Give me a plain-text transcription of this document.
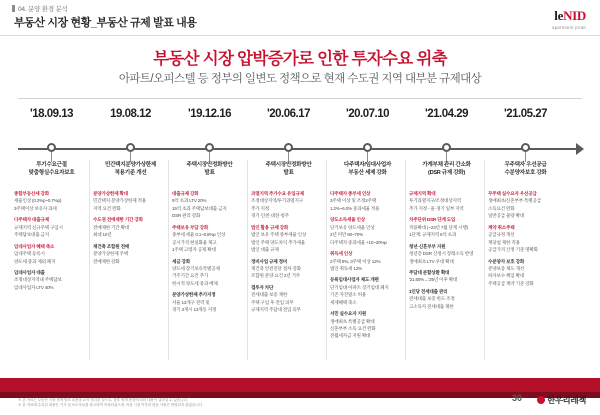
04. 분양 환경 분석
부동산 시장 현황_부동산 규제 발표 내용	leNID
apartment pride
부동산 시장 압박증가로 인한 투자수요 위축
아파트/오피스텔 등 정부의 일변도 정책으로 현재 수도권 지역 대부분 규제대상
'18.09.13
투기수요근절
맞춤형실수요자보호
종합부동산세 강화
세율인상 (0.2%p~0.7%p)
3주택이상 보유자 과세
다주택자 대출규제
규제지역 신규주택 구입시
주택담보대출 금지
임대사업자 혜택 축소
임대주택 등록시
양도세 중과 제외 폐지
임대사업자 대출
조정대상지역내 주택담보
임대사업자 LTV 40%
19.08.12
민간택지분양가상한제
적용기준 개선
분양가상한제 확대
민간택지 분양가상한제 적용
지역 요건 완화
수도권 전매제한 기간 강화
전매제한 기간 확대
최대 10년
재건축 조합원 전매
분양가상한제 주택
전매제한 강화
'19.12.16
주택시장안정화방안
발표
대출규제 강화
9억 초과 LTV 20%
15억 초과 주택담보대출 금지
DSR 관리 강화
주택보유 부담 강화
종부세 세율 0.1~0.8%p 인상
공시가격 현실화율 제고
1주택 고령자 공제 확대
세금 강화
양도세 장기보유특별공제
거주기간 요건 추가
한시적 양도세 중과 배제
분양가상한제 추가지정
서울 13개구 전역 및
경기 3개시 13개동 지정
'20.06.17
주택시장안정화방안
발표
과열지역 추가수요 유입규제
조정대상지역/투기과열지구
추가 지정
경기·인천·대전·청주
법인 활용 규제 강화
법인 보유 주택 종부세율 인상
법인 주택 양도차익 추가세율
법인 대출 규제
정비사업 규제 정비
재건축 안전진단 절차 강화
조합원 분양 요건 2년 거주
갭투자 차단
전세대출 보증 제한
주택 구입 후 전입 의무
규제지역 주담대 전입 의무
'20.07.10
다주택자/임대사업자
부동산 세제 강화
다주택자 종부세 인상
3주택 이상 및 조정2주택
1.2%~6.0% 중과세율 적용
양도소득세율 인상
단기보유 양도세율 인상
2년 미만 60~70%
다주택자 중과세율 +10~20%p
취득세 인상
2주택 8%, 3주택 이상 12%
법인 취득세 12%
등록임대사업자 제도 개편
단기임대·아파트 장기임대 폐지
기존 자진말소 허용
세제혜택 축소
서민 실수요자 지원
생애최초 특별공급 확대
신혼부부 소득 요건 완화
전월세자금 지원 확대
'21.04.29
가계부채 관리 간소화
(DSR 규제 강화)
규제지역 확대
투기과열지구/조정대상지역
추가 지정 - 울·경기 일부 지역
차주단위 DSR 단계 도입
적용확대 (~23년 7월 단계 시행)
1단계: 규제지역 6억 초과
청년·신혼부부 지원
청년층 DSR 산정시 장래소득 반영
생애최초 LTV 우대 확대
주담대 분할상환 확대
'21.60%→'25년 이후 확대
1인당 전세대출 관리
전세대출 보증 한도 조정
고소득자 전세대출 제한
'21.05.27
무주택자 우선공급
수분양자보호 강화
무주택 실수요자 우선공급
생애최초/신혼부부 특별공급
소득요건 완화
일반공급 물량 확대
계약 취소주택
공급규정 개선
재당첨 제한 적용
공급가격 산정 기준 명확화
수분양자 보호 강화
분양보증 제도 개선
하자보수 책임 확대
주택공급 계약 기준 강화
※ 본 자료는 부동산 시장 정책 발표 내용을 요약 정리한 것으로, 향후 정책 변경에 따라 내용이 달라질 수 있습니다.
※ 본 자료에 수록된 내용은 기사 및 보도자료를 참고하여 작성되었으며, 작성 시점 이후의 변동 사항은 반영되지 않았습니다.
30	한우리레젝
